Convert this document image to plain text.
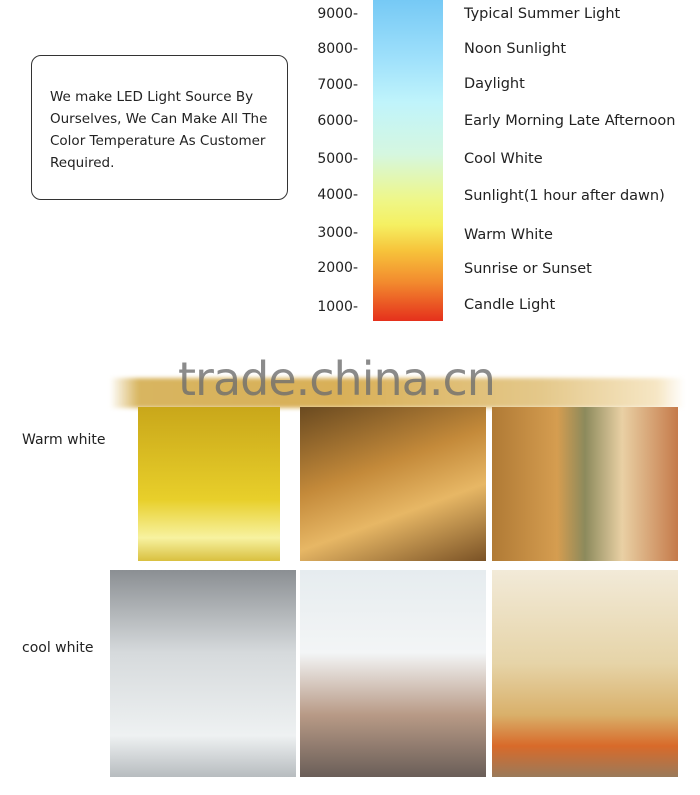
We make LED Light Source By Ourselves, We Can Make All The Color Temperature As Customer Required.
9000-
8000-
7000-
6000-
5000-
4000-
3000-
2000-
1000-
Typical Summer Light
Noon Sunlight
Daylight
Early Morning Late Afternoon
Cool White
Sunlight(1 hour after dawn)
Warm White
Sunrise or Sunset
Candle Light
trade.china.cn
Warm white
cool white
